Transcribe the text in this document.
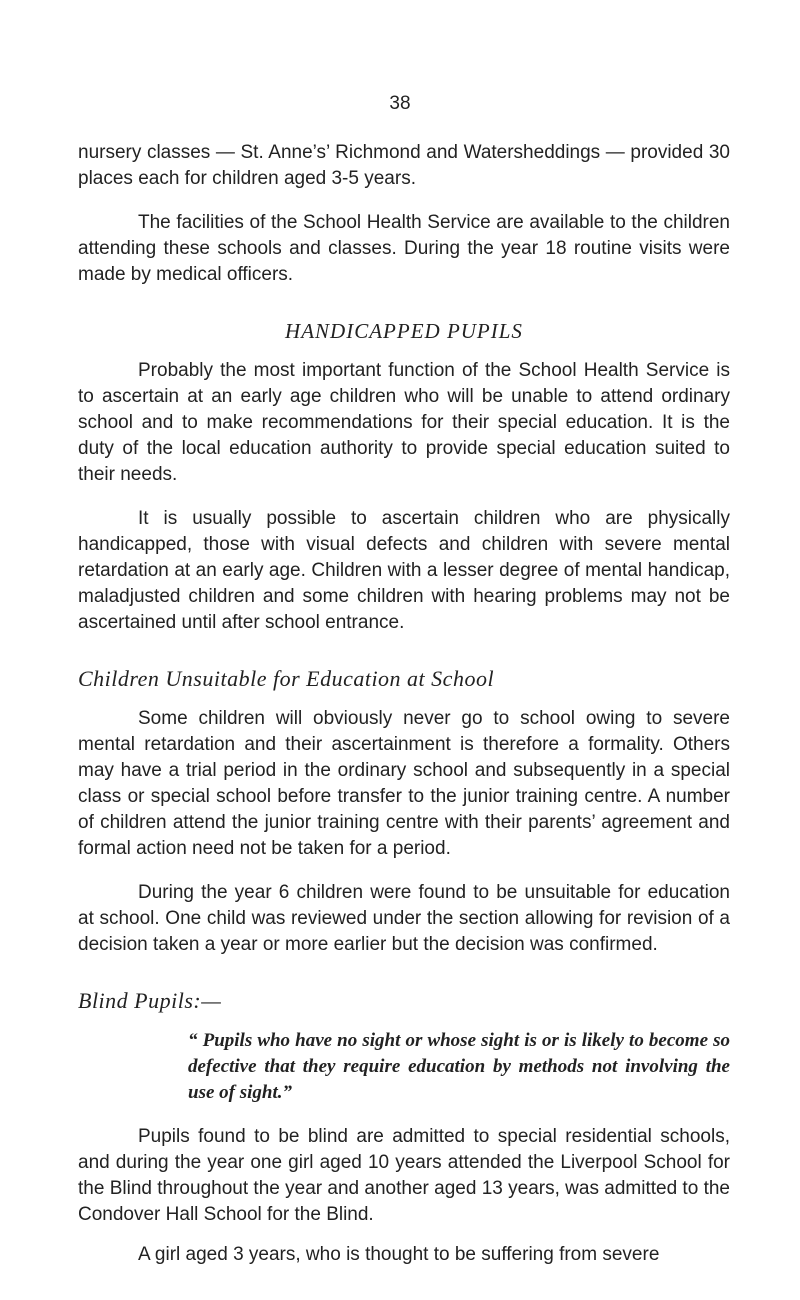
38

nursery classes — St. Anne’s’ Richmond and Watersheddings — provided 30 places each for children aged 3-5 years.

The facilities of the School Health Service are available to the children attending these schools and classes. During the year 18 routine visits were made by medical officers.

HANDICAPPED PUPILS

Probably the most important function of the School Health Service is to ascertain at an early age children who will be unable to attend ordinary school and to make recommendations for their special education. It is the duty of the local education authority to provide special education suited to their needs.

It is usually possible to ascertain children who are physically handicapped, those with visual defects and children with severe mental retardation at an early age. Children with a lesser degree of mental handicap, maladjusted children and some children with hearing problems may not be ascertained until after school entrance.

Children Unsuitable for Education at School

Some children will obviously never go to school owing to severe mental retardation and their ascertainment is therefore a formality. Others may have a trial period in the ordinary school and subsequently in a special class or special school before transfer to the junior training centre. A number of children attend the junior training centre with their parents’ agreement and formal action need not be taken for a period.

During the year 6 children were found to be unsuitable for education at school. One child was reviewed under the section allowing for revision of a decision taken a year or more earlier but the decision was confirmed.

Blind Pupils:—
“ Pupils who have no sight or whose sight is or is likely to become so defective that they require education by methods not involving the use of sight.”

Pupils found to be blind are admitted to special residential schools, and during the year one girl aged 10 years attended the Liverpool School for the Blind throughout the year and another aged 13 years, was admitted to the Condover Hall School for the Blind.

A girl aged 3 years, who is thought to be suffering from severe
